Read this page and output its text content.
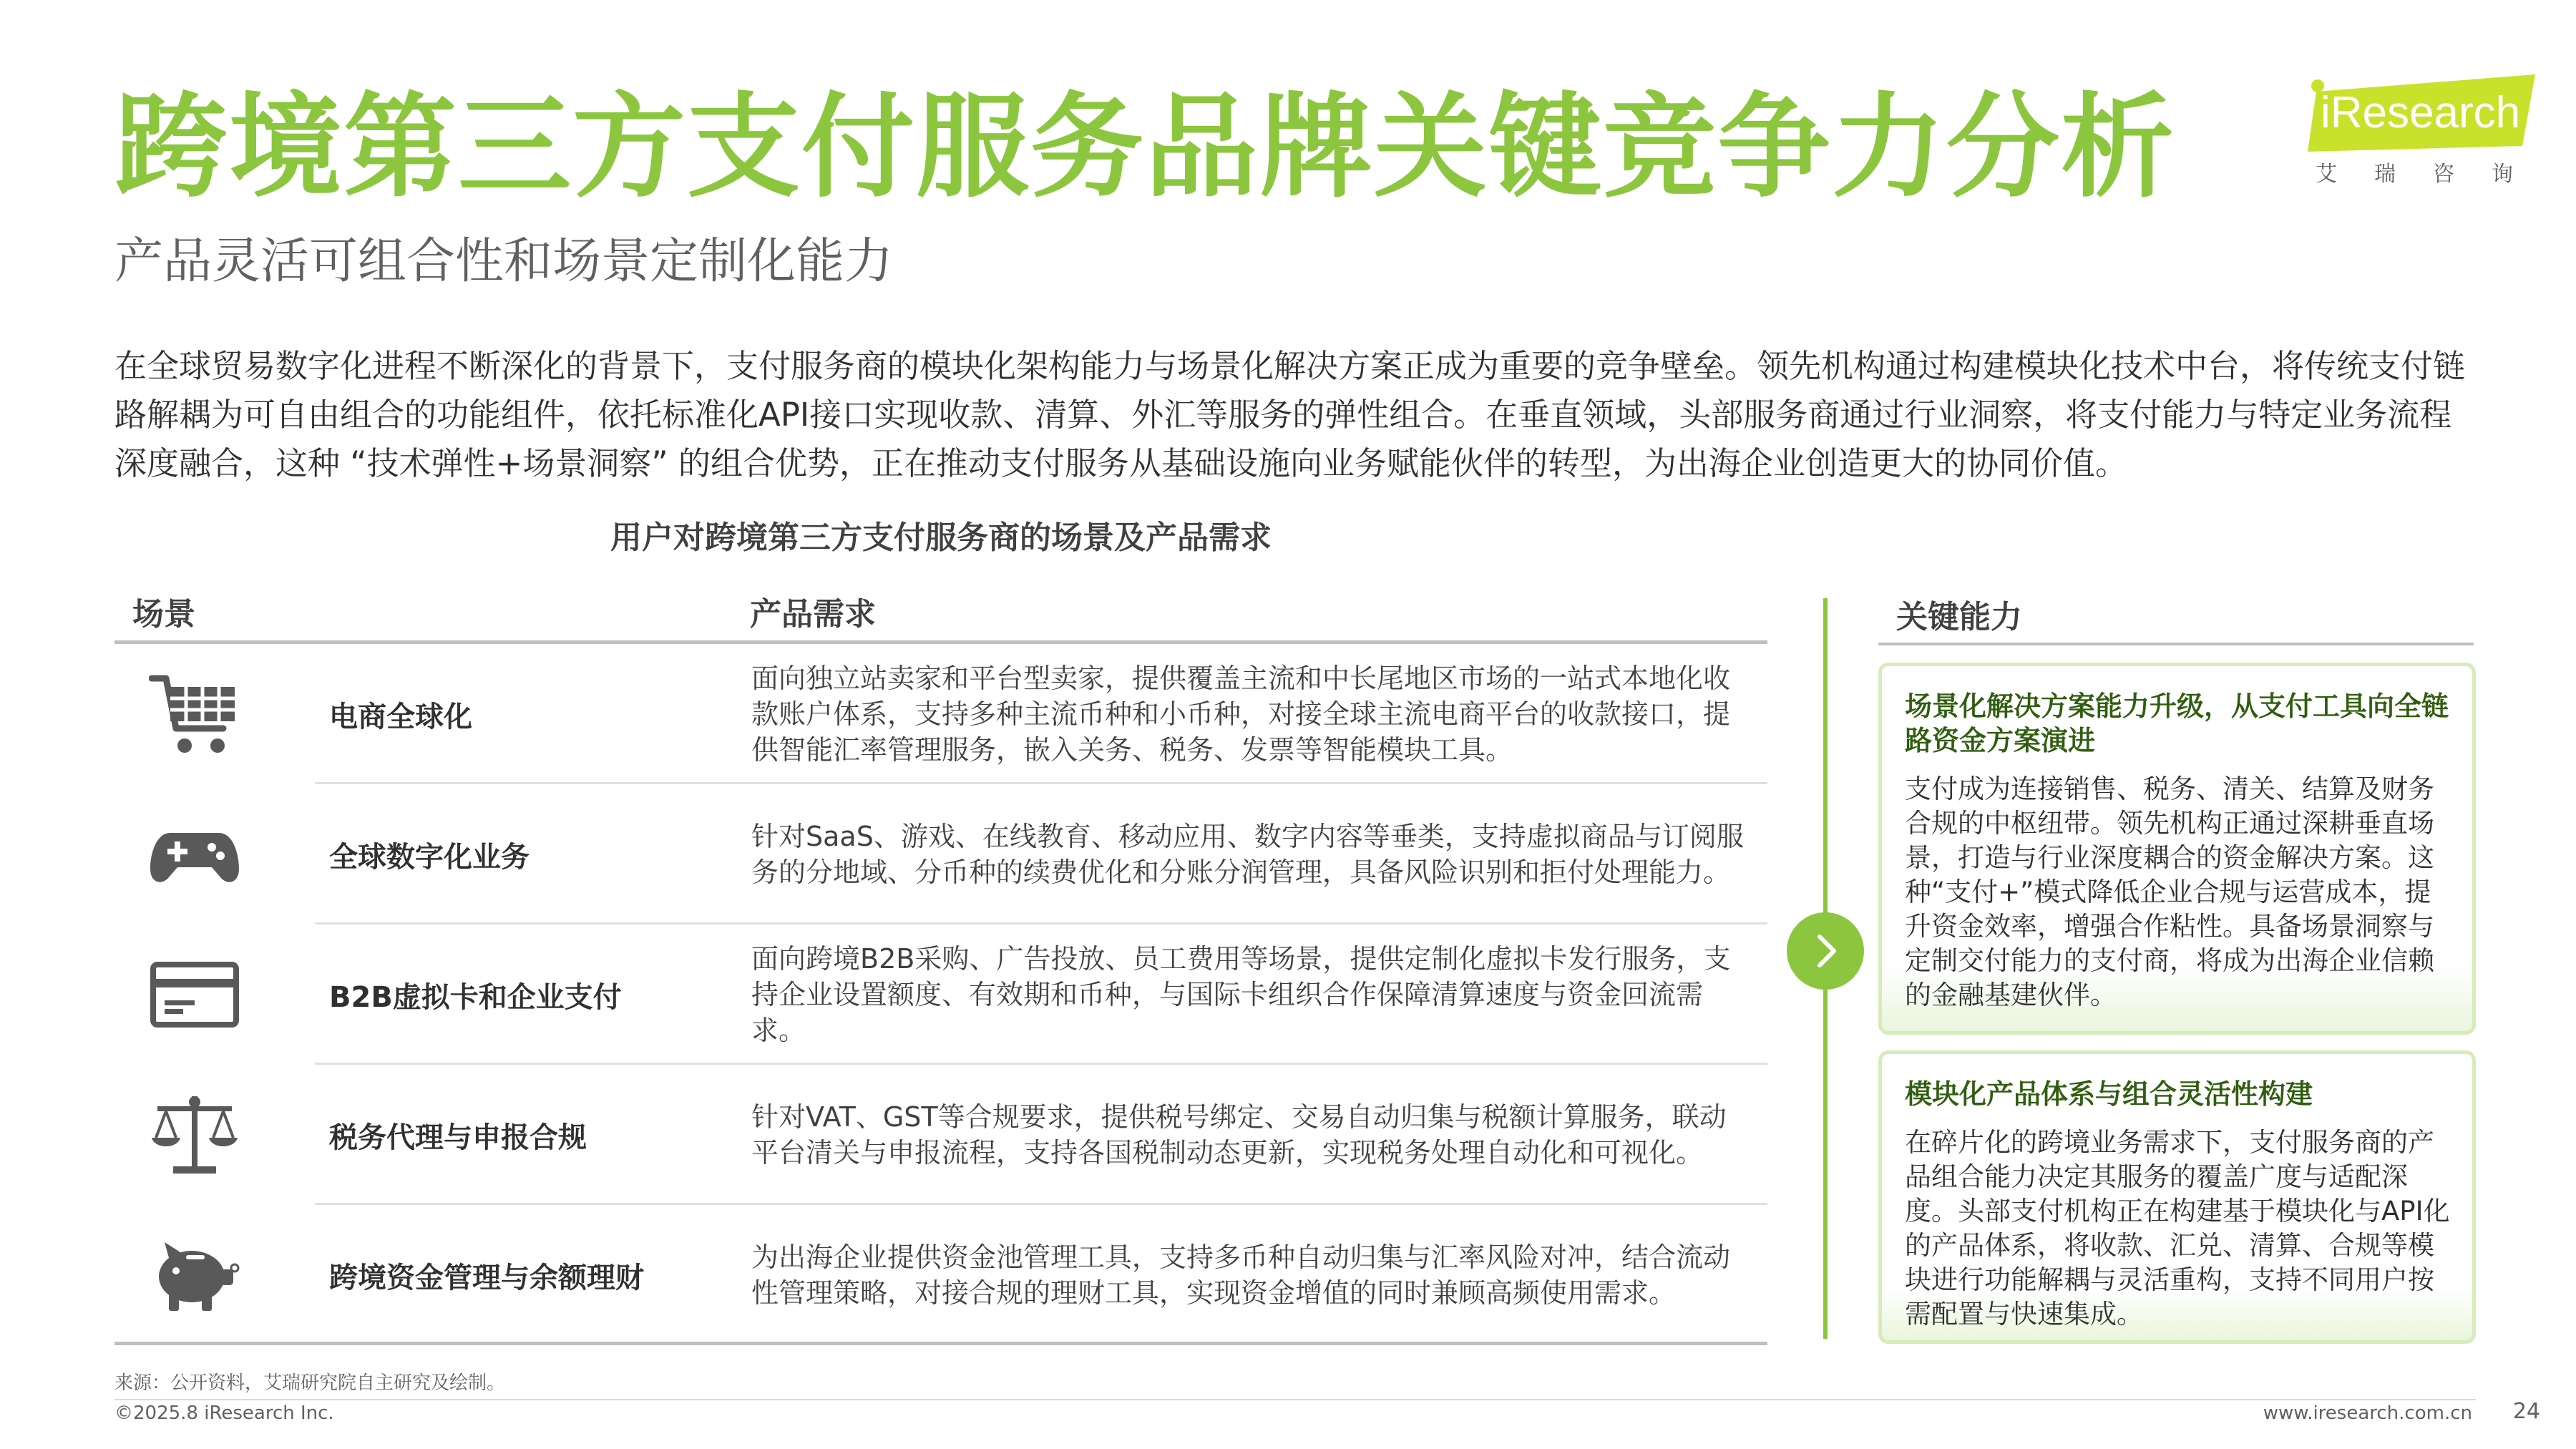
跨境第三方支付服务品牌关键竞争力分析
产品灵活可组合性和场景定制化能力
iResearch
艾瑞咨询
在全球贸易数字化进程不断深化的背景下，支付服务商的模块化架构能力与场景化解决方案正成为重要的竞争壁垒。领先机构通过构建模块化技术中台，将传统支付链路解耦为可自由组合的功能组件，依托标准化API接口实现收款、清算、外汇等服务的弹性组合。在垂直领域，头部服务商通过行业洞察，将支付能力与特定业务流程深度融合，这种 “技术弹性+场景洞察” 的组合优势，正在推动支付服务从基础设施向业务赋能伙伴的转型，为出海企业创造更大的协同价值。
用户对跨境第三方支付服务商的场景及产品需求
场景	产品需求
电商全球化
面向独立站卖家和平台型卖家，提供覆盖主流和中长尾地区市场的一站式本地化收款账户体系，支持多种主流币种和小币种，对接全球主流电商平台的收款接口，提供智能汇率管理服务，嵌入关务、税务、发票等智能模块工具。
全球数字化业务
针对SaaS、游戏、在线教育、移动应用、数字内容等垂类，支持虚拟商品与订阅服务的分地域、分币种的续费优化和分账分润管理，具备风险识别和拒付处理能力。
B2B虚拟卡和企业支付
面向跨境B2B采购、广告投放、员工费用等场景，提供定制化虚拟卡发行服务，支持企业设置额度、有效期和币种，与国际卡组织合作保障清算速度与资金回流需求。
税务代理与申报合规
针对VAT、GST等合规要求，提供税号绑定、交易自动归集与税额计算服务，联动平台清关与申报流程，支持各国税制动态更新，实现税务处理自动化和可视化。
跨境资金管理与余额理财
为出海企业提供资金池管理工具，支持多币种自动归集与汇率风险对冲，结合流动性管理策略，对接合规的理财工具，实现资金增值的同时兼顾高频使用需求。
关键能力
场景化解决方案能力升级，从支付工具向全链路资金方案演进
支付成为连接销售、税务、清关、结算及财务合规的中枢纽带。领先机构正通过深耕垂直场景，打造与行业深度耦合的资金解决方案。这种“支付+”模式降低企业合规与运营成本，提升资金效率，增强合作粘性。具备场景洞察与定制交付能力的支付商，将成为出海企业信赖的金融基建伙伴。
模块化产品体系与组合灵活性构建
在碎片化的跨境业务需求下，支付服务商的产品组合能力决定其服务的覆盖广度与适配深度。头部支付机构正在构建基于模块化与API化的产品体系，将收款、汇兑、清算、合规等模块进行功能解耦与灵活重构，支持不同用户按需配置与快速集成。
来源：公开资料，艾瑞研究院自主研究及绘制。
©2025.8 iResearch Inc.	www.iresearch.com.cn 24
